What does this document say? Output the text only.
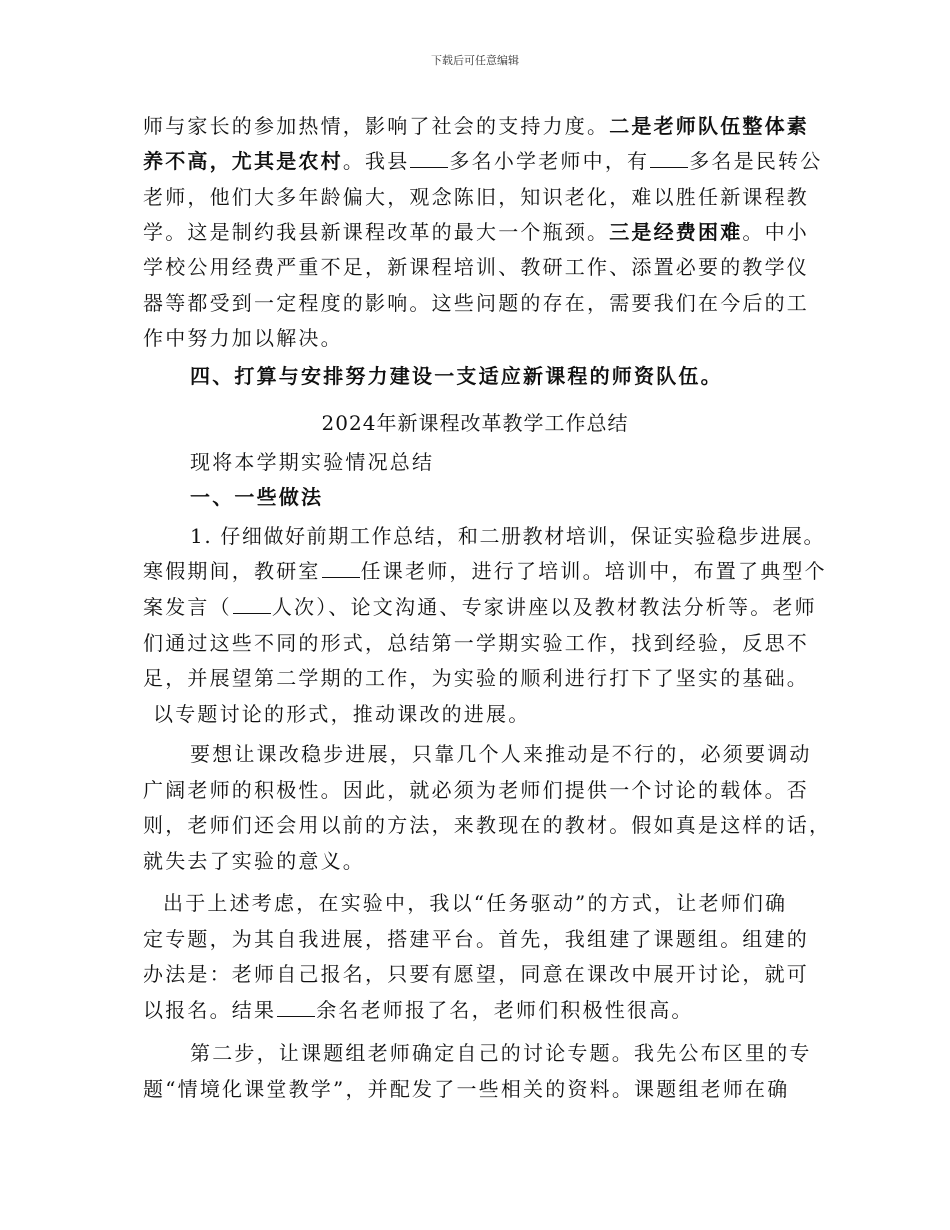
下载后可任意编辑
师与家长的参加热情，影响了社会的支持力度。二是老师队伍整体素
养不高，尤其是农村。我县 多名小学老师中，有 多名是民转公
老师，他们大多年龄偏大，观念陈旧，知识老化，难以胜任新课程教
学。这是制约我县新课程改革的最大一个瓶颈。三是经费困难。中小
学校公用经费严重不足，新课程培训、教研工作、添置必要的教学仪
器等都受到一定程度的影响。这些问题的存在，需要我们在今后的工
作中努力加以解决。
四、打算与安排努力建设一支适应新课程的师资队伍。
2024年新课程改革教学工作总结
现将本学期实验情况总结
一、一些做法
1. 仔细做好前期工作总结，和二册教材培训，保证实验稳步进展。
寒假期间，教研室 任课老师，进行了培训。培训中，布置了典型个
案发言（ 人次）、论文沟通、专家讲座以及教材教法分析等。老师
们通过这些不同的形式，总结第一学期实验工作，找到经验，反思不
足，并展望第二学期的工作，为实验的顺利进行打下了坚实的基础。
以专题讨论的形式，推动课改的进展。
要想让课改稳步进展，只靠几个人来推动是不行的，必须要调动
广阔老师的积极性。因此，就必须为老师们提供一个讨论的载体。否
则，老师们还会用以前的方法，来教现在的教材。假如真是这样的话，
就失去了实验的意义。
出于上述考虑，在实验中，我以“任务驱动”的方式，让老师们确
定专题，为其自我进展，搭建平台。首先，我组建了课题组。组建的
办法是：老师自己报名，只要有愿望，同意在课改中展开讨论，就可
以报名。结果 余名老师报了名，老师们积极性很高。
第二步，让课题组老师确定自己的讨论专题。我先公布区里的专
题“情境化课堂教学”，并配发了一些相关的资料。课题组老师在确
